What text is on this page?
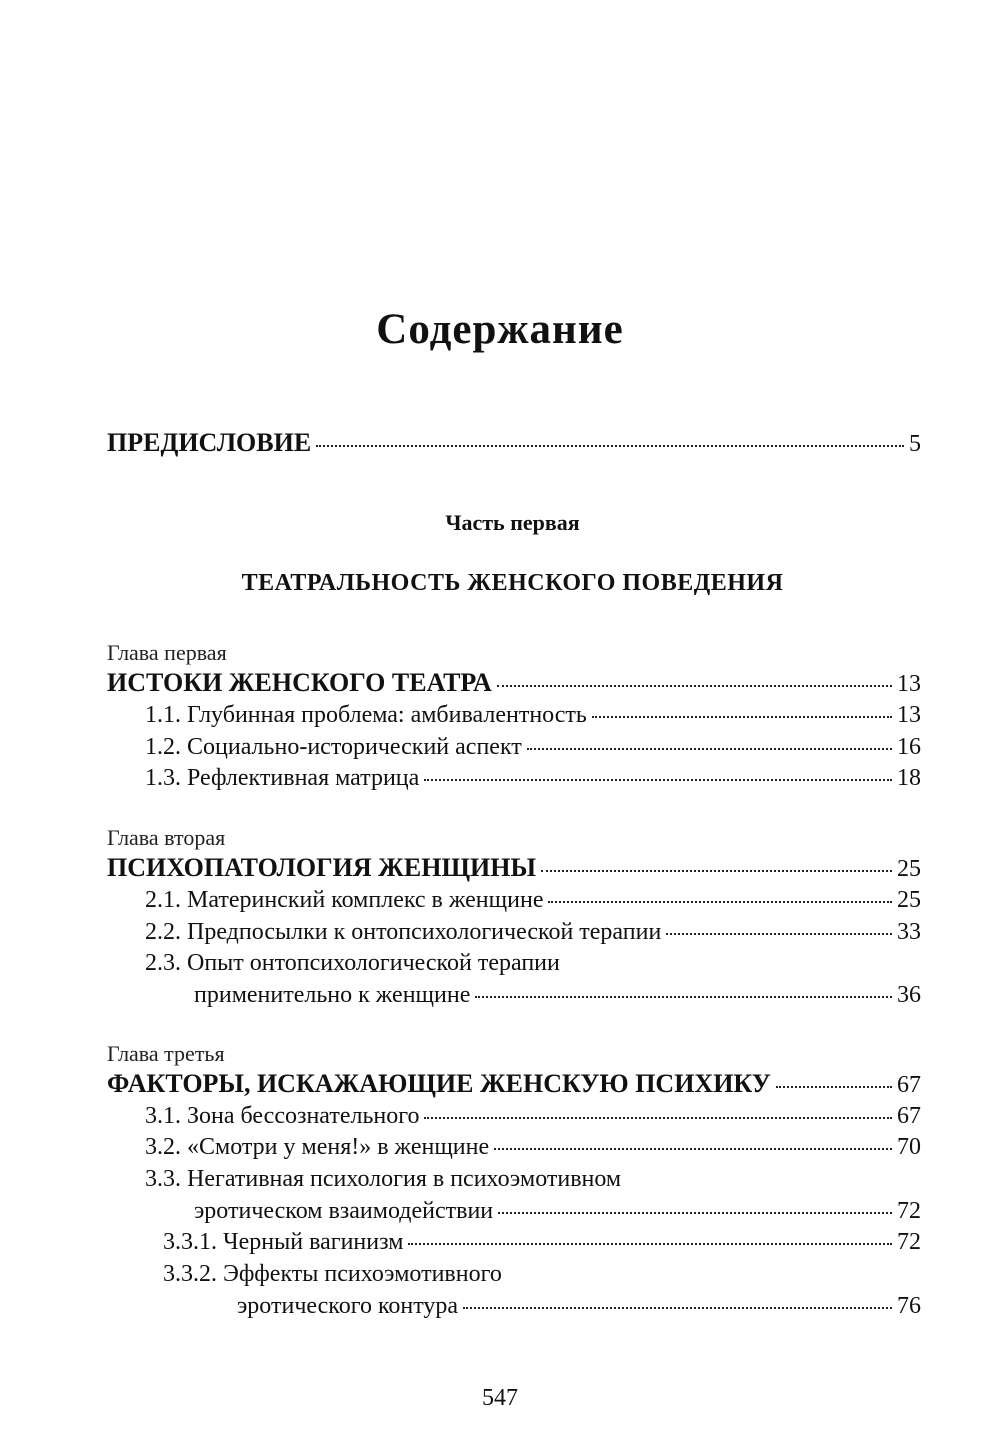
Содержание
ПРЕДИСЛОВИЕ	5
Часть первая
ТЕАТРАЛЬНОСТЬ ЖЕНСКОГО ПОВЕДЕНИЯ
Глава первая
ИСТОКИ ЖЕНСКОГО ТЕАТРА	13
1.1. Глубинная проблема: амбивалентность	13
1.2. Социально-исторический аспект	16
1.3. Рефлективная матрица	18
Глава вторая
ПСИХОПАТОЛОГИЯ ЖЕНЩИНЫ	25
2.1. Материнский комплекс в женщине	25
2.2. Предпосылки к онтопсихологической терапии	33
2.3. Опыт онтопсихологической терапии
применительно к женщине	36
Глава третья
ФАКТОРЫ, ИСКАЖАЮЩИЕ ЖЕНСКУЮ ПСИХИКУ	67
3.1. Зона бессознательного	67
3.2. «Смотри у меня!» в женщине	70
3.3. Негативная психология в психоэмотивном
эротическом взаимодействии	72
3.3.1. Черный вагинизм	72
3.3.2. Эффекты психоэмотивного
эротического контура	76
547
